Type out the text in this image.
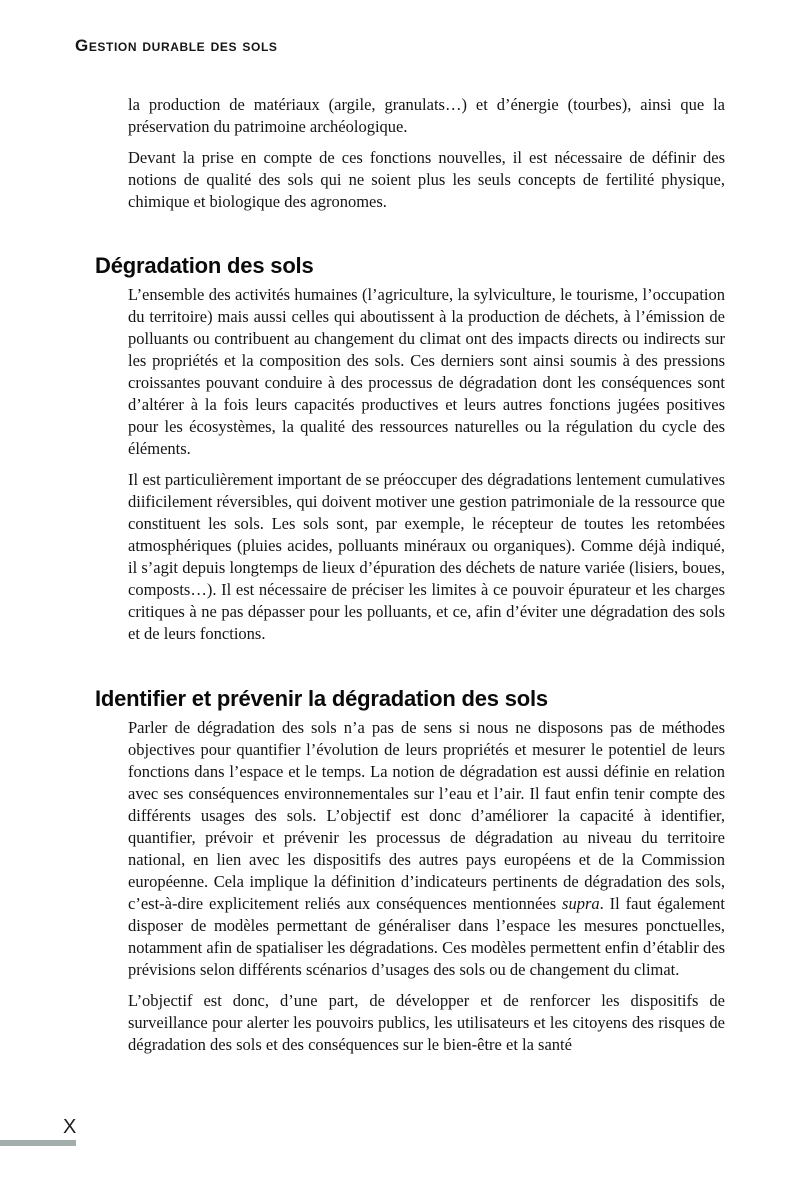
Gestion durable des sols

la production de matériaux (argile, granulats…) et d’énergie (tourbes), ainsi que la préservation du patrimoine archéologique.

Devant la prise en compte de ces fonctions nouvelles, il est nécessaire de définir des notions de qualité des sols qui ne soient plus les seuls concepts de fertilité physique, chimique et biologique des agronomes.

Dégradation des sols

L’ensemble des activités humaines (l’agriculture, la sylviculture, le tourisme, l’occupation du territoire) mais aussi celles qui aboutissent à la production de déchets, à l’émission de polluants ou contribuent au changement du climat ont des impacts directs ou indirects sur les propriétés et la composition des sols. Ces derniers sont ainsi soumis à des pressions croissantes pouvant conduire à des processus de dégradation dont les conséquences sont d’altérer à la fois leurs capacités productives et leurs autres fonctions jugées positives pour les écosystèmes, la qualité des ressources naturelles ou la régulation du cycle des éléments.

Il est particulièrement important de se préoccuper des dégradations lentement cumulatives diificilement réversibles, qui doivent motiver une gestion patrimoniale de la ressource que constituent les sols. Les sols sont, par exemple, le récepteur de toutes les retombées atmosphériques (pluies acides, polluants minéraux ou organiques). Comme déjà indiqué, il s’agit depuis longtemps de lieux d’épuration des déchets de nature variée (lisiers, boues, composts…). Il est nécessaire de préciser les limites à ce pouvoir épurateur et les charges critiques à ne pas dépasser pour les polluants, et ce, afin d’éviter une dégradation des sols et de leurs fonctions.

Identifier et prévenir la dégradation des sols

Parler de dégradation des sols n’a pas de sens si nous ne disposons pas de méthodes objectives pour quantifier l’évolution de leurs propriétés et mesurer le potentiel de leurs fonctions dans l’espace et le temps. La notion de dégradation est aussi définie en relation avec ses conséquences environnementales sur l’eau et l’air. Il faut enfin tenir compte des différents usages des sols. L’objectif est donc d’améliorer la capacité à identifier, quantifier, prévoir et prévenir les processus de dégradation au niveau du territoire national, en lien avec les dispositifs des autres pays européens et de la Commission européenne. Cela implique la définition d’indicateurs pertinents de dégradation des sols, c’est-à-dire explicitement reliés aux conséquences mentionnées supra. Il faut également disposer de modèles permettant de généraliser dans l’espace les mesures ponctuelles, notamment afin de spatialiser les dégradations. Ces modèles permettent enfin d’établir des prévisions selon différents scénarios d’usages des sols ou de changement du climat.

L’objectif est donc, d’une part, de développer et de renforcer les dispositifs de surveillance pour alerter les pouvoirs publics, les utilisateurs et les citoyens des risques de dégradation des sols et des conséquences sur le bien-être et la santé

X
